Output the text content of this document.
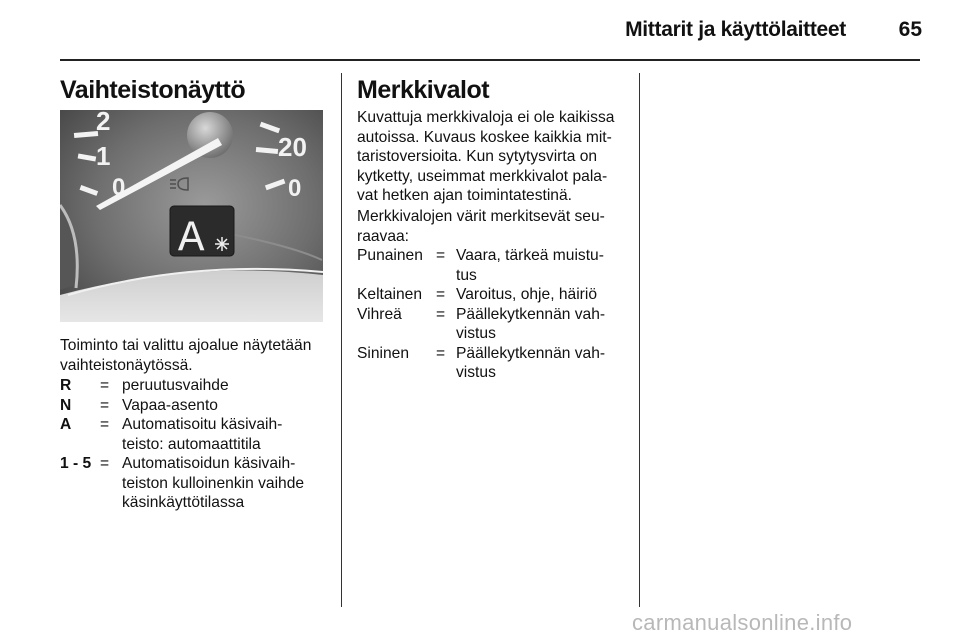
Mittarit ja käyttölaitteet	65
Vaihteistonäyttö
2
1
0
20
0
A

Toiminto tai valittu ajoalue näytetään vaihteistonäytössä.

R	= peruutusvaihde
N	= Vapaa-asento
A	= Automatisoitu käsivaih-
teisto: automaattitila
1 - 5 = Automatisoidun käsivaih-
teiston kulloinenkin vaihde
käsinkäyttötilassa
Merkkivalot

Kuvattuja merkkivaloja ei ole kaikissa
autoissa. Kuvaus koskee kaikkia mit-
taristoversioita. Kun sytytysvirta on
kytketty, useimmat merkkivalot pala-
vat hetken ajan toimintatestinä.

Merkkivalojen värit merkitsevät seu-
raavaa:

Punainen = Vaara, tärkeä muistu-
tus
Keltainen = Varoitus, ohje, häiriö
Vihreä	= Päällekytkennän vah-
vistus
Sininen	= Päällekytkennän vah-
vistus
carmanualsonline.info
